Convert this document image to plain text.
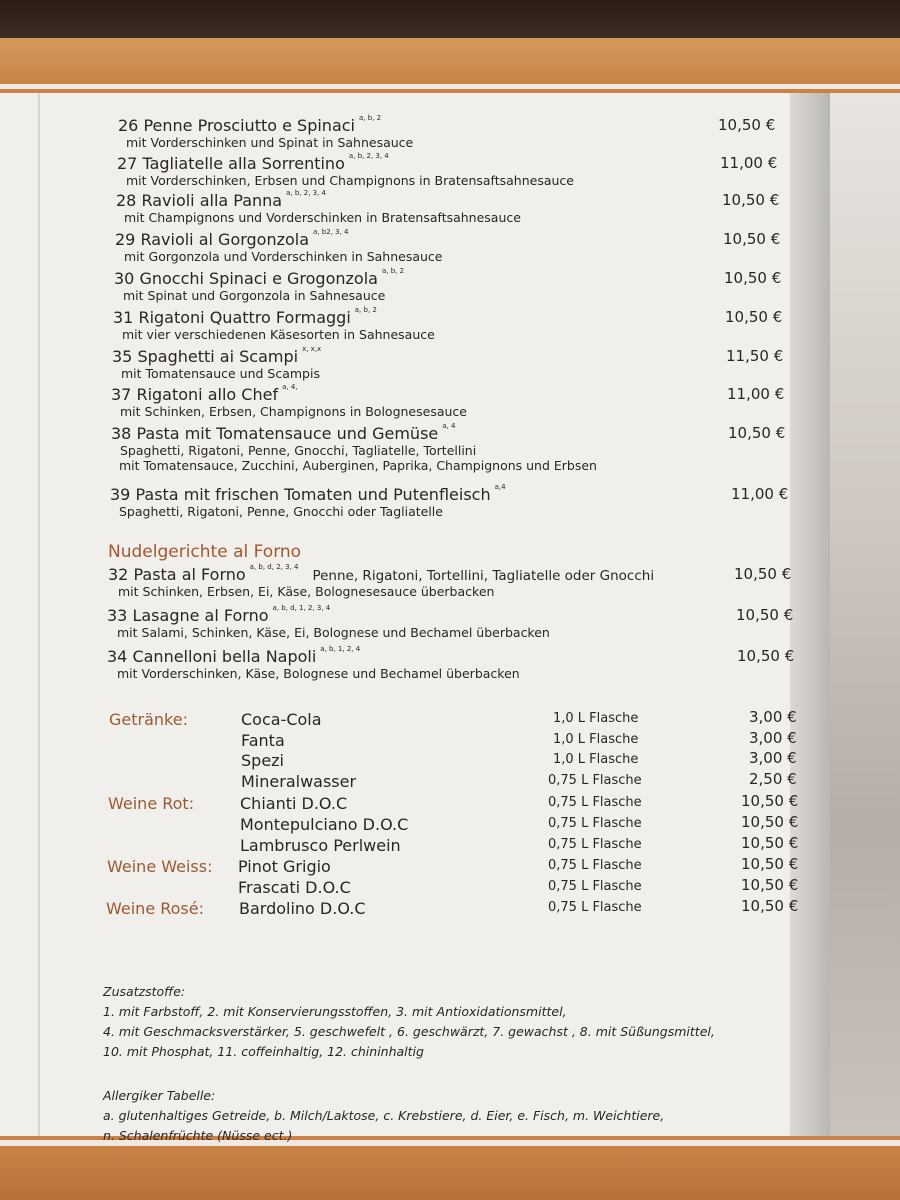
26 Penne Prosciutto e Spinaci $^{a, b, 2}$
mit Vorderschinken und Spinat in Sahnesauce
10,50 €
27 Tagliatelle alla Sorrentino $^{a, b, 2, 3, 4}$
mit Vorderschinken, Erbsen und Champignons in Bratensaftsahnesauce
11,00 €
28 Ravioli alla Panna $^{a, b, 2, 3, 4}$
mit Champignons und Vorderschinken in Bratensaftsahnesauce
10,50 €
29 Ravioli al Gorgonzola $^{a, b2, 3, 4}$
mit Gorgonzola und Vorderschinken in Sahnesauce
10,50 €
30 Gnocchi Spinaci e Grogonzola $^{a, b, 2}$
mit Spinat und Gorgonzola in Sahnesauce
10,50 €
31 Rigatoni Quattro Formaggi $^{a, b, 2}$
mit vier verschiedenen Käsesorten in Sahnesauce
10,50 €
35 Spaghetti ai Scampi $^{x, x,x}$
mit Tomatensauce und Scampis
11,50 €
37 Rigatoni allo Chef $^{a, 4,}$
mit Schinken, Erbsen, Champignons in Bolognesesauce
11,00 €
38 Pasta mit Tomatensauce und Gemüse $^{a, 4}$
Spaghetti, Rigatoni, Penne, Gnocchi, Tagliatelle, Tortellini
mit Tomatensauce, Zucchini, Auberginen, Paprika, Champignons und Erbsen
10,50 €
39 Pasta mit frischen Tomaten und Putenfleisch $^{a,4}$
Spaghetti, Rigatoni, Penne, Gnocchi oder Tagliatelle
11,00 €
Nudelgerichte al Forno
32 Pasta al Forno $^{a, b, d, 2, 3, 4}$Penne, Rigatoni, Tortellini, Tagliatelle oder Gnocchi
mit Schinken, Erbsen, Ei, Käse, Bolognesesauce überbacken
10,50 €
33 Lasagne al Forno $^{a, b, d, 1, 2, 3, 4}$
mit Salami, Schinken, Käse, Ei, Bolognese und Bechamel überbacken
10,50 €
34 Cannelloni bella Napoli $^{a, b, 1, 2, 4}$
mit Vorderschinken, Käse, Bolognese und Bechamel überbacken
10,50 €
Getränke:	Coca-Cola	1,0 L Flasche	3,00 €
Fanta	1,0 L Flasche	3,00 €
Spezi	1,0 L Flasche	3,00 €
Mineralwasser	0,75 L Flasche	2,50 €
Weine Rot:	Chianti D.O.C	0,75 L Flasche	10,50 €
Montepulciano D.O.C	0,75 L Flasche	10,50 €
Lambrusco Perlwein	0,75 L Flasche	10,50 €
Weine Weiss: Pinot Grigio	0,75 L Flasche	10,50 €
Frascati D.O.C	0,75 L Flasche	10,50 €
Weine Rosé: Bardolino D.O.C	0,75 L Flasche	10,50 €
Zusatzstoffe:
1. mit Farbstoff, 2. mit Konservierungsstoffen, 3. mit Antioxidationsmittel,
4. mit Geschmacksverstärker, 5. geschwefelt , 6. geschwärzt, 7. gewachst , 8. mit Süßungsmittel,
10. mit Phosphat, 11. coffeinhaltig, 12. chininhaltig
Allergiker Tabelle:
a. glutenhaltiges Getreide, b. Milch/Laktose, c. Krebstiere, d. Eier, e. Fisch, m. Weichtiere,
n. Schalenfrüchte (Nüsse ect.)
